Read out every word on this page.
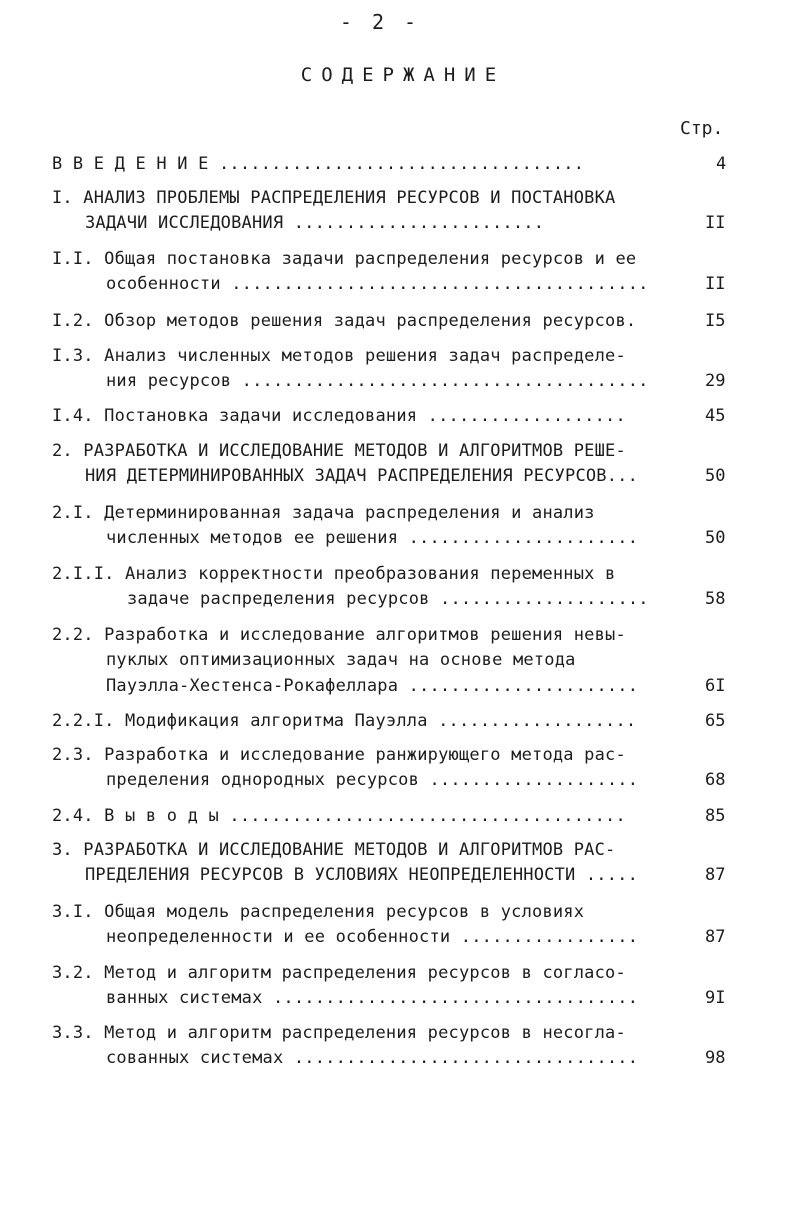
- 2 -
СОДЕРЖАНИЕ
Стр.
В В Е Д Е Н И Е ...................................	4
I. АНАЛИЗ ПРОБЛЕМЫ РАСПРЕДЕЛЕНИЯ РЕСУРСОВ И ПОСТАНОВКА
ЗАДАЧИ ИССЛЕДОВАНИЯ ........................	II
I.I. Общая постановка задачи распределения ресурсов и ее
особенности ........................................	II
I.2. Обзор методов решения задач распределения ресурсов.	I5
I.3. Анализ численных методов решения задач распределе-
ния ресурсов .......................................	29
I.4. Постановка задачи исследования ...................	45
2. РАЗРАБОТКА И ИССЛЕДОВАНИЕ МЕТОДОВ И АЛГОРИТМОВ РЕШЕ-
НИЯ ДЕТЕРМИНИРОВАННЫХ ЗАДАЧ РАСПРЕДЕЛЕНИЯ РЕСУРСОВ...	50
2.I. Детерминированная задача распределения и анализ
численных методов ее решения ......................	50
2.I.I. Анализ корректности преобразования переменных в
задаче распределения ресурсов ....................	58
2.2. Разработка и исследование алгоритмов решения невы-
пуклых оптимизационных задач на основе метода
Пауэлла-Хестенса-Рокафеллара ......................	6I
2.2.I. Модификация алгоритма Пауэлла ...................	65
2.3. Разработка и исследование ранжирующего метода рас-
пределения однородных ресурсов ....................	68
2.4. В ы в о д ы ......................................	85
3. РАЗРАБОТКА И ИССЛЕДОВАНИЕ МЕТОДОВ И АЛГОРИТМОВ РАС-
ПРЕДЕЛЕНИЯ РЕСУРСОВ В УСЛОВИЯХ НЕОПРЕДЕЛЕННОСТИ .....	87
3.I. Общая модель распределения ресурсов в условиях
неопределенности и ее особенности .................	87
3.2. Метод и алгоритм распределения ресурсов в согласо-
ванных системах ...................................	9I
3.3. Метод и алгоритм распределения ресурсов в несогла-
сованных системах .................................	98
